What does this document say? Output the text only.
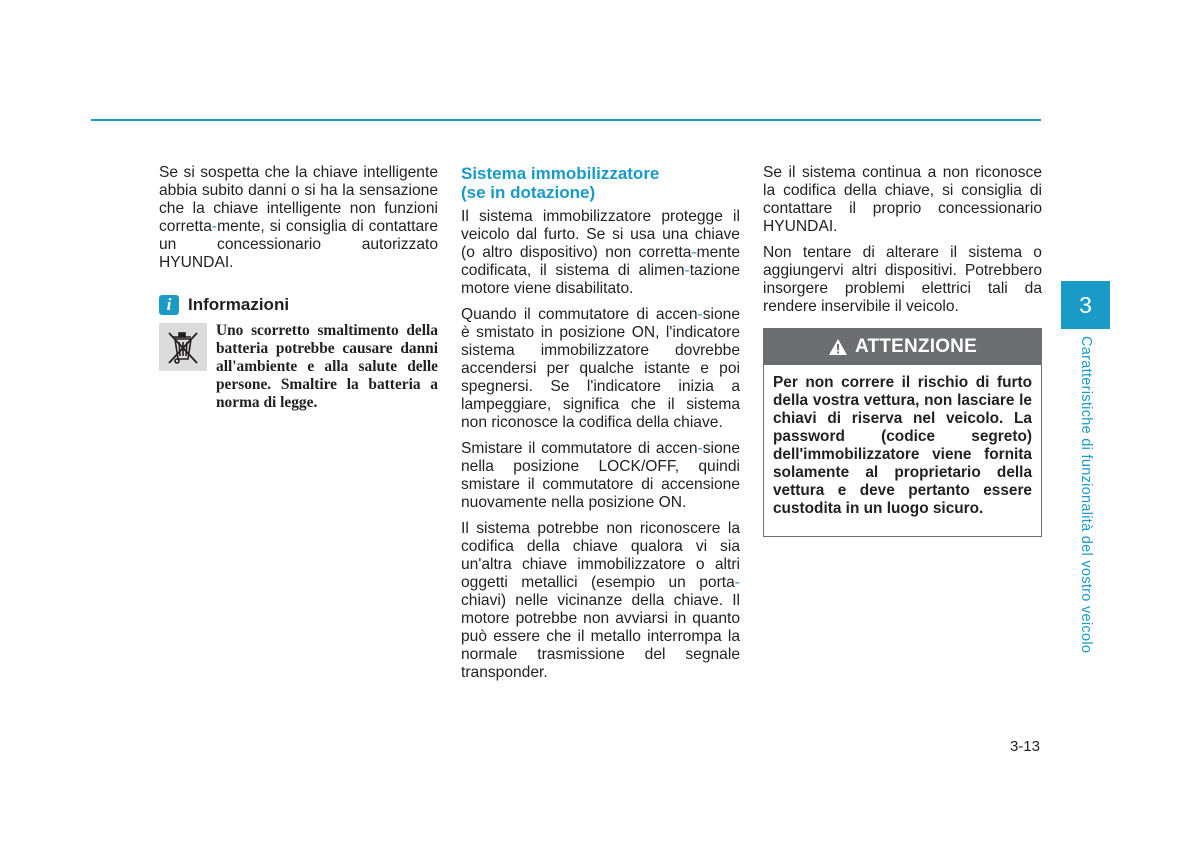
Se si sospetta che la chiave intelligente abbia subito danni o si ha la sensazione che la chiave intelligente non funzioni corretta-mente, si consiglia di contattare un concessionario autorizzato HYUNDAI.

i Informazioni

Uno scorretto smaltimento della batteria potrebbe causare danni all'ambiente e alla salute delle persone. Smaltire la batteria a norma di legge.

Sistema immobilizzatore
(se in dotazione)

Il sistema immobilizzatore protegge il veicolo dal furto. Se si usa una chiave (o altro dispositivo) non corretta-mente codificata, il sistema di alimen-tazione motore viene disabilitato.

Quando il commutatore di accen-sione è smistato in posizione ON, l'indicatore sistema immobilizzatore dovrebbe accendersi per qualche istante e poi spegnersi. Se l'indicatore inizia a lampeggiare, significa che il sistema non riconosce la codifica della chiave.

Smistare il commutatore di accen-sione nella posizione LOCK/OFF, quindi smistare il commutatore di accensione nuovamente nella posizione ON.

Il sistema potrebbe non riconoscere la codifica della chiave qualora vi sia un'altra chiave immobilizzatore o altri oggetti metallici (esempio un porta-chiavi) nelle vicinanze della chiave. Il motore potrebbe non avviarsi in quanto può essere che il metallo interrompa la normale trasmissione del segnale transponder.

Se il sistema continua a non riconosce la codifica della chiave, si consiglia di contattare il proprio concessionario HYUNDAI.

Non tentare di alterare il sistema o aggiungervi altri dispositivi. Potrebbero insorgere problemi elettrici tali da rendere inservibile il veicolo.

ATTENZIONE

Per non correre il rischio di furto della vostra vettura, non lasciare le chiavi di riserva nel veicolo. La password (codice segreto) dell'immobilizzatore viene fornita solamente al proprietario della vettura e deve pertanto essere custodita in un luogo sicuro.

3
Caratteristiche di funzionalità del vostro veicolo
3-13
